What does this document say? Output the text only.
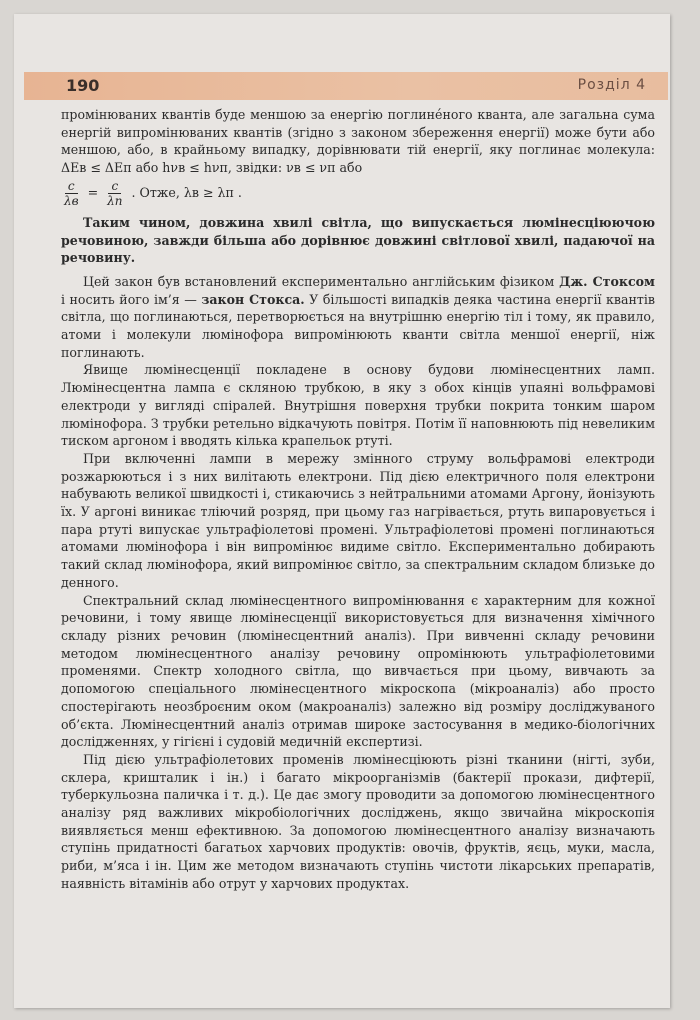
190	Розділ 4

промінюваних квантів буде меншою за енергію поглинéного кванта, але загальна сума енергій випромінюваних квантів (згідно з законом збереження енергії) може бути або меншою, або, в крайньому випадку, дорівнювати тій енергії, яку поглинає молекула: ΔEв ≤ ΔEп або hνв ≤ hνп, звідки: νв ≤ νп або

$\frac{c}{\lambda в} = \frac{c}{\lambda п}$ . Отже, λв ≥ λп .

Таким чином, довжина хвилі світла, що випускається люмінесціюючою речовиною, завжди більша або дорівнює довжині світлової хвилі, падаючої на речовину.

Цей закон був встановлений експериментально англійським фізиком Дж. Стоксом і носить його ім’я — закон Стокса. У більшості випадків деяка частина енергії квантів світла, що поглинаються, перетворюється на внутрішню енергію тіл і тому, як правило, атоми і молекули люмінофора випромінюють кванти світла меншої енергії, ніж поглинають.

Явище люмінесценції покладене в основу будови люмінесцентних ламп. Люмінесцентна лампа є скляною трубкою, в яку з обох кінців упаяні вольфрамові електроди у вигляді спіралей. Внутрішня поверхня трубки покрита тонким шаром люмінофора. З трубки ретельно відкачують повітря. Потім її наповнюють під невеликим тиском аргоном і вводять кілька крапельок ртуті.

При включенні лампи в мережу змінного струму вольфрамові електроди розжарюються і з них вилітають електрони. Під дією електричного поля електрони набувають великої швидкості і, стикаючись з нейтральними атомами Аргону, йонізують їх. У аргоні виникає тліючий розряд, при цьому газ нагрівається, ртуть випаровується і пара ртуті випускає ультрафіолетові промені. Ультрафіолетові промені поглинаються атомами люмінофора і він випромінює видиме світло. Експериментально добирають такий склад люмінофора, який випромінює світло, за спектральним складом близьке до денного.

Спектральний склад люмінесцентного випромінювання є характерним для кожної речовини, і тому явище люмінесценції використовується для визначення хімічного складу різних речовин (люмінесцентний аналіз). При вивченні складу речовини методом люмінесцентного аналізу речовину опромінюють ультрафіолетовими променями. Спектр холодного світла, що вивчається при цьому, вивчають за допомогою спеціального люмінесцентного мікроскопа (мікроаналіз) або просто спостерігають неозброєним оком (макроаналіз) залежно від розміру досліджуваного об’єкта. Люмінесцентний аналіз отримав широке застосування в медико-біологічних дослідженнях, у гігієні і судовій медичній експертизі.

Під дією ультрафіолетових променів люмінесціюють різні тканини (нігті, зуби, склера, кришталик і ін.) і багато мікроорганізмів (бактерії прокази, дифтерії, туберкульозна паличка і т. д.). Це дає змогу проводити за допомогою люмінесцентного аналізу ряд важливих мікробіологічних досліджень, якщо звичайна мікроскопія виявляється менш ефективною. За допомогою люмінесцентного аналізу визначають ступінь придатності багатьох харчових продуктів: овочів, фруктів, яєць, муки, масла, риби, м’яса і ін. Цим же методом визначають ступінь чистоти лікарських препаратів, наявність вітамінів або отрут у харчових продуктах.
